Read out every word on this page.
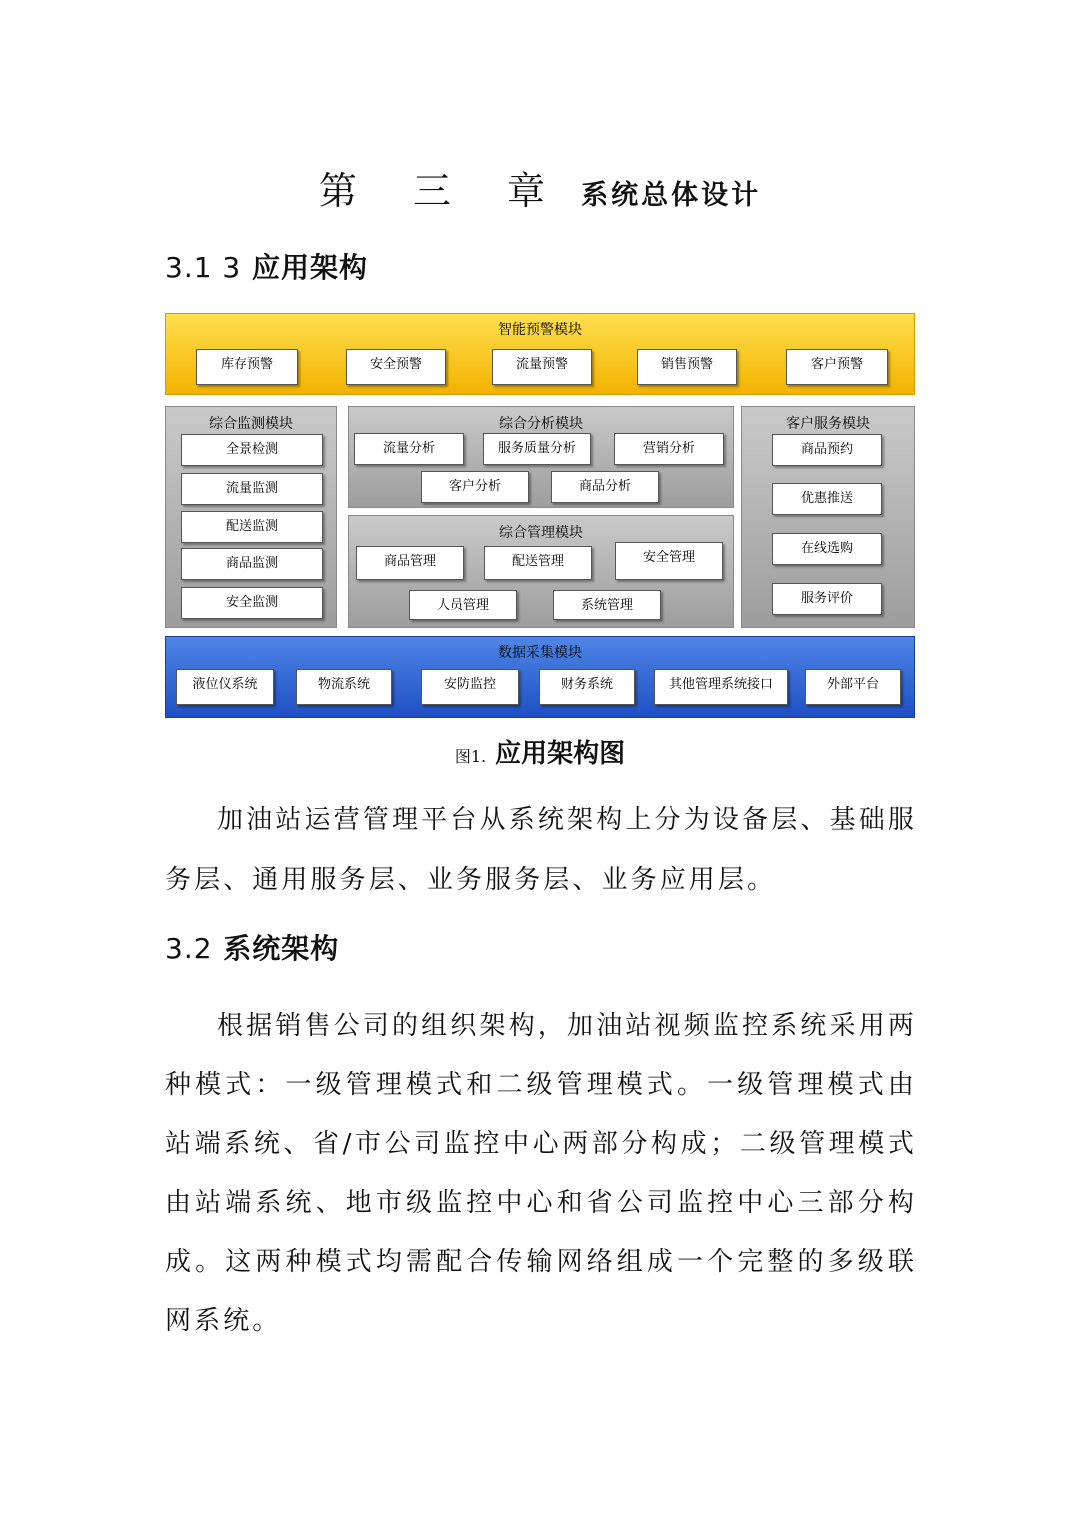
第 三 章 系统总体设计
3.1 3 应用架构
智能预警模块
库存预警	安全预警	流量预警	销售预警	客户预警
综合监测模块
全景检测
流量监测
配送监测
商品监测
安全监测
综合分析模块
流量分析	服务质量分析	营销分析
客户分析	商品分析
综合管理模块
商品管理	配送管理	安全管理
人员管理	系统管理
客户服务模块
商品预约
优惠推送
在线选购
服务评价
数据采集模块
液位仪系统	物流系统	安防监控	财务系统	其他管理系统接口	外部平台
图1. 应用架构图

加油站运营管理平台从系统架构上分为设备层、基础服务层、通用服务层、业务服务层、业务应用层。

3.2 系统架构

根据销售公司的组织架构，加油站视频监控系统采用两种模式：一级管理模式和二级管理模式。一级管理模式由站端系统、省/市公司监控中心两部分构成；二级管理模式由站端系统、地市级监控中心和省公司监控中心三部分构成。这两种模式均需配合传输网络组成一个完整的多级联网系统。
